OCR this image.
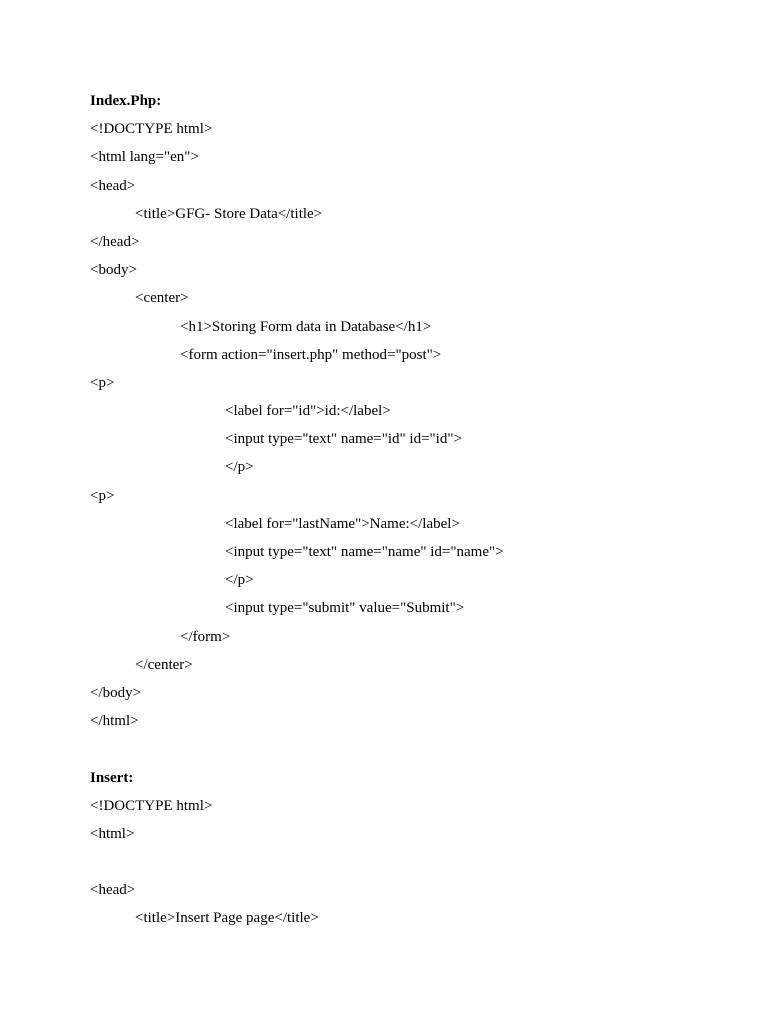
Index.Php:
<!DOCTYPE html>
<html lang="en">
<head>
<title>GFG- Store Data</title>
</head>
<body>
<center>
<h1>Storing Form data in Database</h1>
<form action="insert.php" method="post">
<p>
<label for="id">id:</label>
<input type="text" name="id" id="id">
</p>
<p>
<label for="lastName">Name:</label>
<input type="text" name="name" id="name">
</p>
<input type="submit" value="Submit">
</form>
</center>
</body>
</html>
Insert:
<!DOCTYPE html>
<html>
<head>
<title>Insert Page page</title>
